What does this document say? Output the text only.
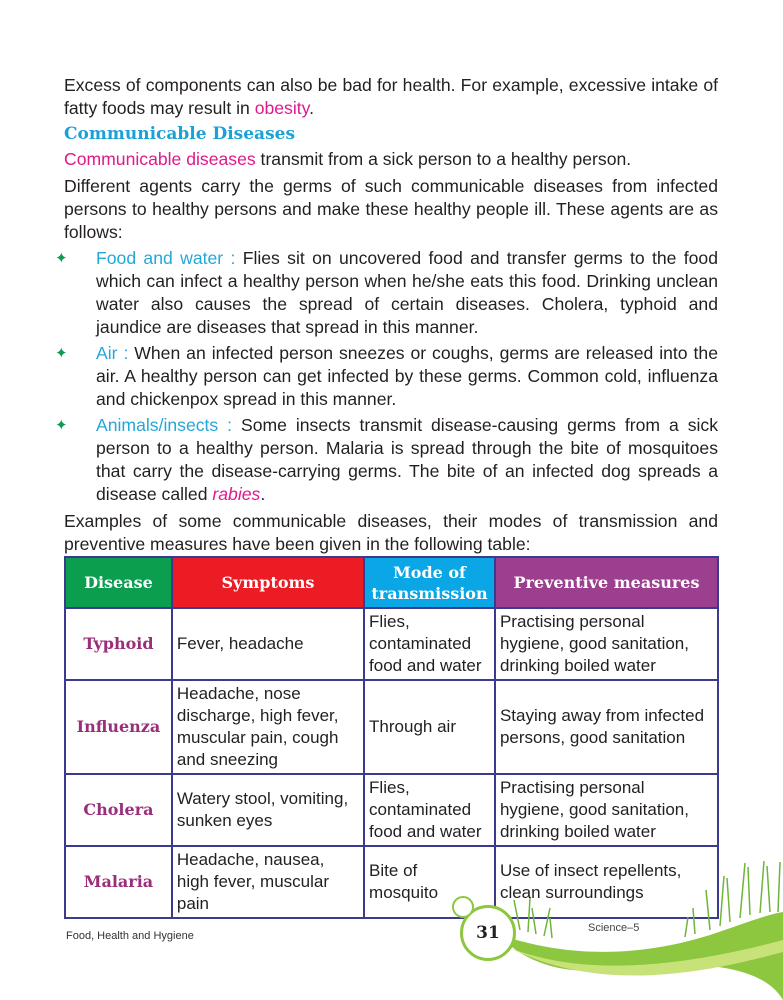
Excess of components can also be bad for health. For example, excessive intake of fatty foods may result in obesity.

Communicable Diseases

Communicable diseases transmit from a sick person to a healthy person.

Different agents carry the germs of such communicable diseases from infected persons to healthy persons and make these healthy people ill. These agents are as follows:

✦ Food and water : Flies sit on uncovered food and transfer germs to the food which can infect a healthy person when he/she eats this food. Drinking unclean water also causes the spread of certain diseases. Cholera, typhoid and jaundice are diseases that spread in this manner.
✦ Air : When an infected person sneezes or coughs, germs are released into the air. A healthy person can get infected by these germs. Common cold, influenza and chickenpox spread in this manner.
✦ Animals/insects : Some insects transmit disease-causing germs from a sick person to a healthy person. Malaria is spread through the bite of mosquitoes that carry the disease-carrying germs. The bite of an infected dog spreads a disease called rabies.

Examples of some communicable diseases, their modes of transmission and preventive measures have been given in the following table:

Disease	Symptoms	Mode of transmission	Preventive measures
Typhoid	Fever, headache	Flies, contaminated food and water	Practising personal hygiene, good sanitation, drinking boiled water
Influenza	Headache, nose discharge, high fever, muscular pain, cough and sneezing	Through air	Staying away from infected persons, good sanitation
Cholera	Watery stool, vomiting, sunken eyes	Flies, contaminated food and water	Practising personal hygiene, good sanitation, drinking boiled water
Malaria	Headache, nausea, high fever, muscular pain	Bite of mosquito	Use of insect repellents, clean surroundings
31
Food, Health and Hygiene
Science–5
